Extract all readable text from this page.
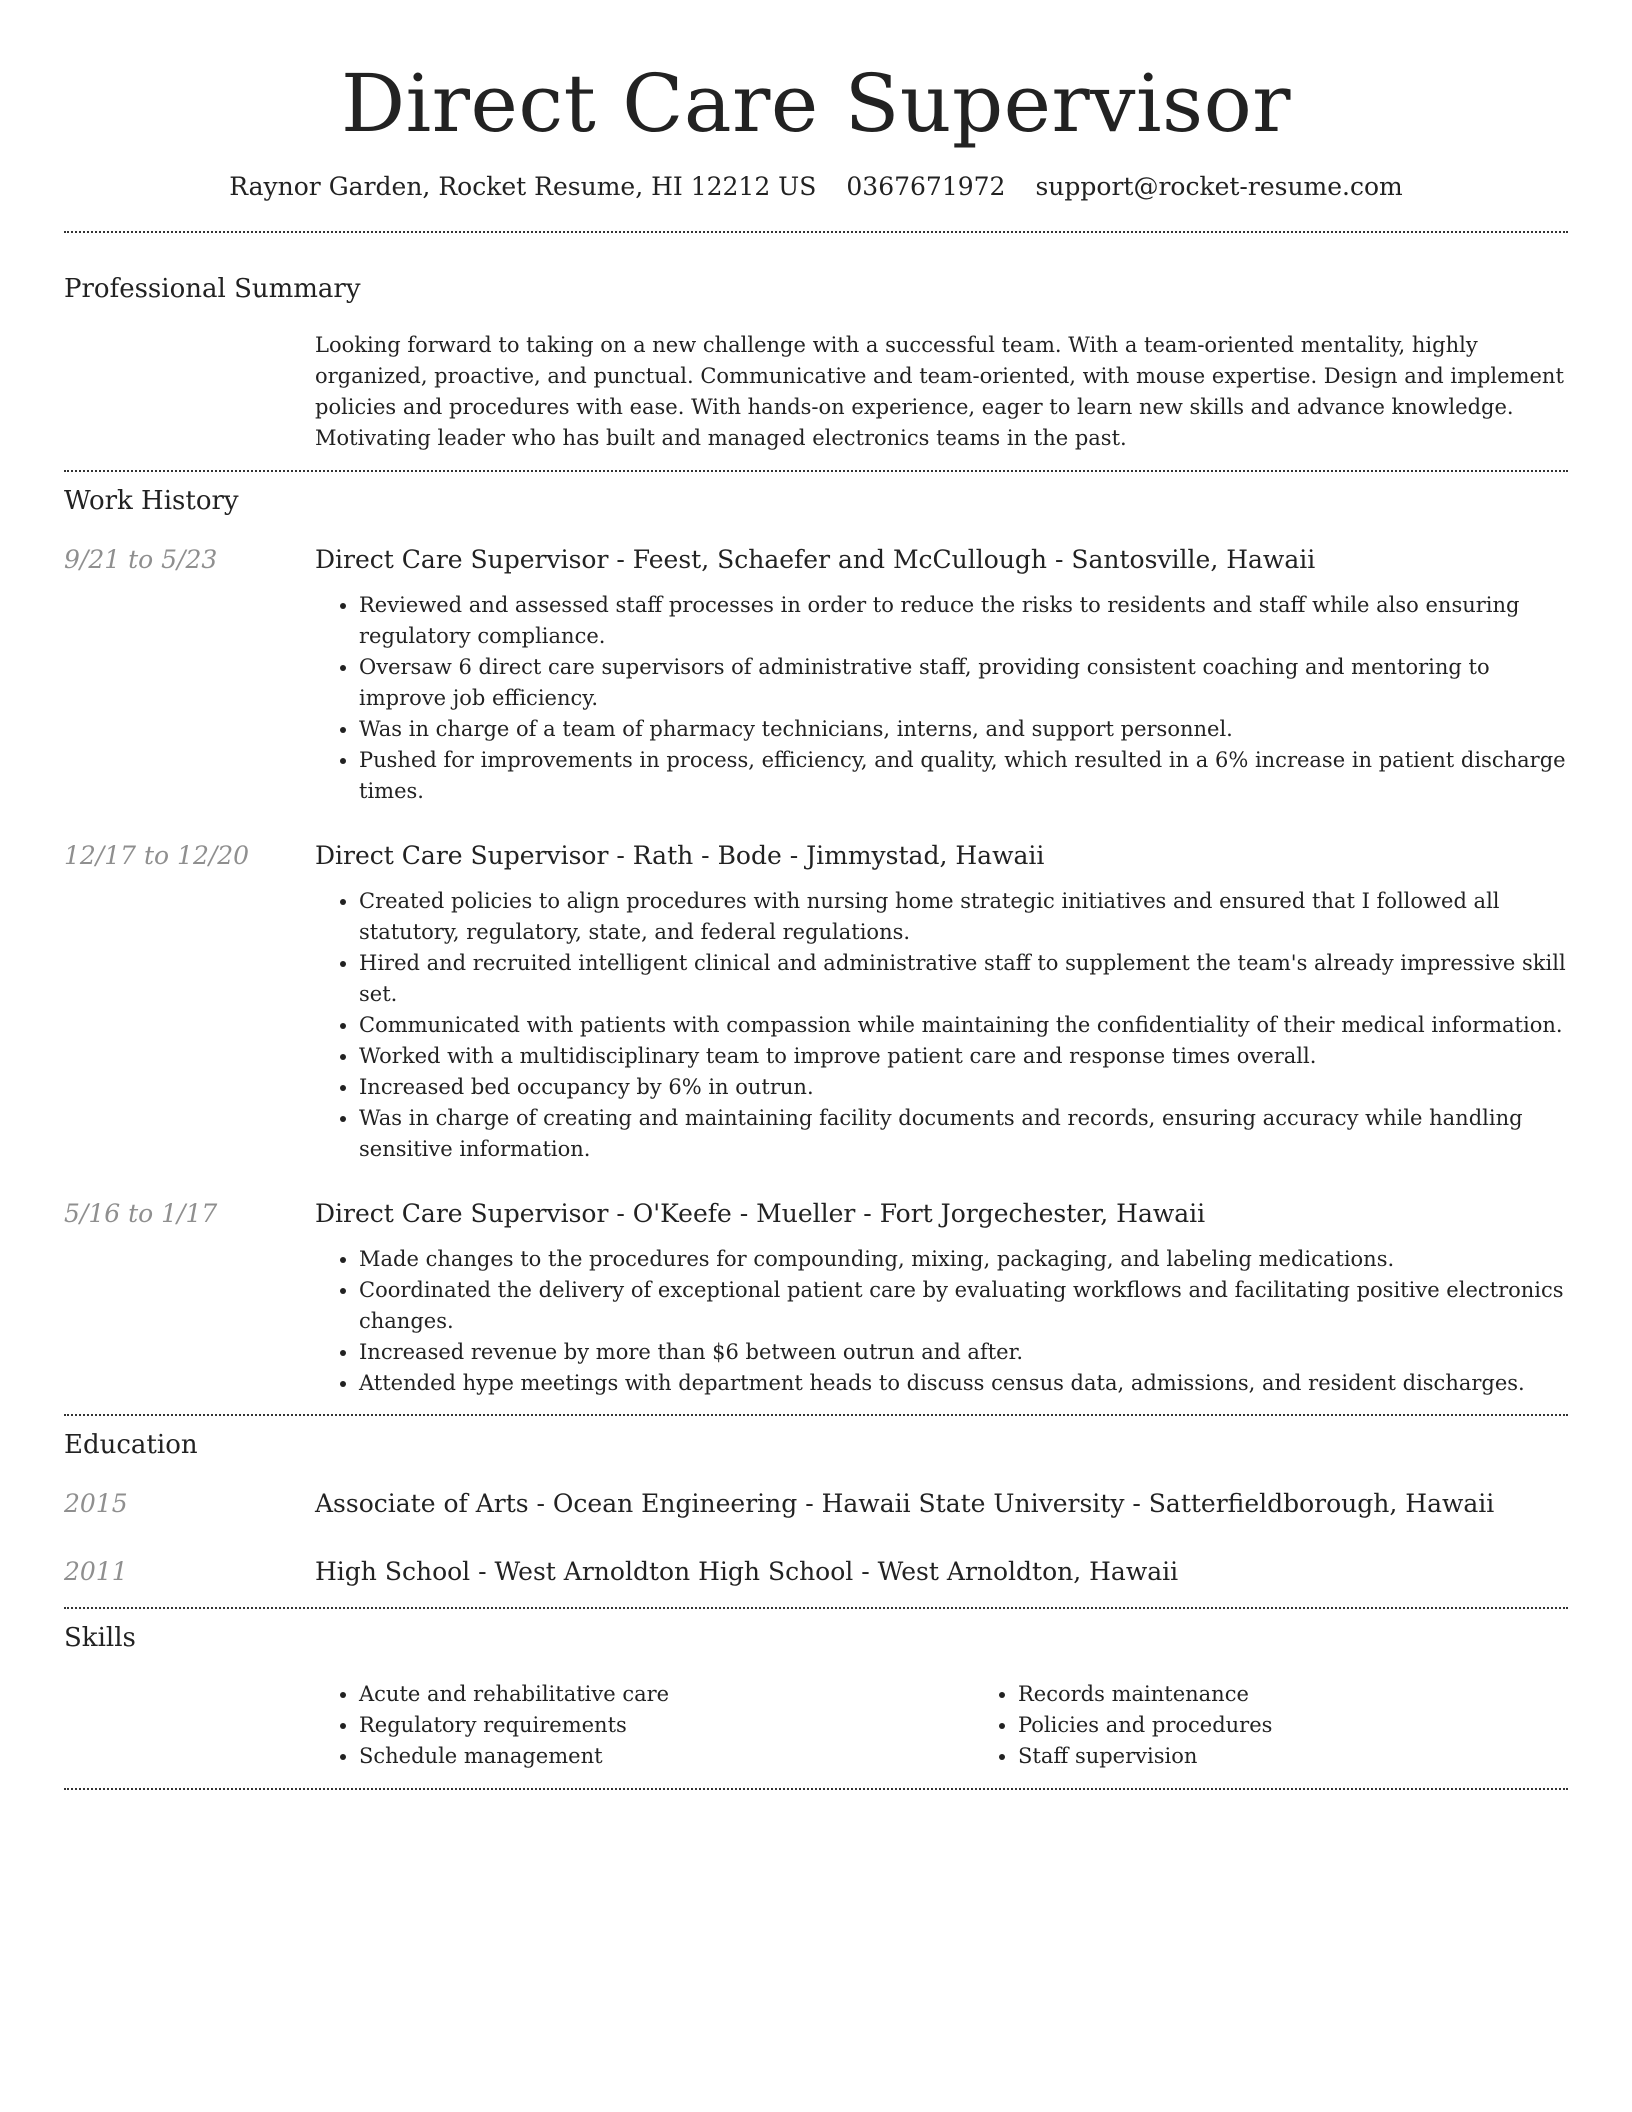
Direct Care Supervisor
Raynor Garden, Rocket Resume, HI 12212 US 0367671972 support@rocket-resume.com
Professional Summary

Looking forward to taking on a new challenge with a successful team. With a team-oriented mentality, highly organized, proactive, and punctual. Communicative and team-oriented, with mouse expertise. Design and implement policies and procedures with ease. With hands-on experience, eager to learn new skills and advance knowledge. Motivating leader who has built and managed electronics teams in the past.

Work History
9/21 to 5/23	Direct Care Supervisor - Feest, Schaefer and McCullough - Santosville, Hawaii
• Reviewed and assessed staff processes in order to reduce the risks to residents and staff while also ensuring regulatory compliance.
• Oversaw 6 direct care supervisors of administrative staff, providing consistent coaching and mentoring to improve job efficiency.
• Was in charge of a team of pharmacy technicians, interns, and support personnel.
• Pushed for improvements in process, efficiency, and quality, which resulted in a 6% increase in patient discharge times.
12/17 to 12/20	Direct Care Supervisor - Rath - Bode - Jimmystad, Hawaii
• Created policies to align procedures with nursing home strategic initiatives and ensured that I followed all statutory, regulatory, state, and federal regulations.
• Hired and recruited intelligent clinical and administrative staff to supplement the team's already impressive skill set.
• Communicated with patients with compassion while maintaining the confidentiality of their medical information.
• Worked with a multidisciplinary team to improve patient care and response times overall.
• Increased bed occupancy by 6% in outrun.
• Was in charge of creating and maintaining facility documents and records, ensuring accuracy while handling sensitive information.
5/16 to 1/17	Direct Care Supervisor - O'Keefe - Mueller - Fort Jorgechester, Hawaii
• Made changes to the procedures for compounding, mixing, packaging, and labeling medications.
• Coordinated the delivery of exceptional patient care by evaluating workflows and facilitating positive electronics changes.
• Increased revenue by more than $6 between outrun and after.
• Attended hype meetings with department heads to discuss census data, admissions, and resident discharges.
Education
2015	Associate of Arts - Ocean Engineering - Hawaii State University - Satterfieldborough, Hawaii
2011	High School - West Arnoldton High School - West Arnoldton, Hawaii
Skills
• Acute and rehabilitative care
• Regulatory requirements
• Schedule management
• Records maintenance
• Policies and procedures
• Staff supervision
